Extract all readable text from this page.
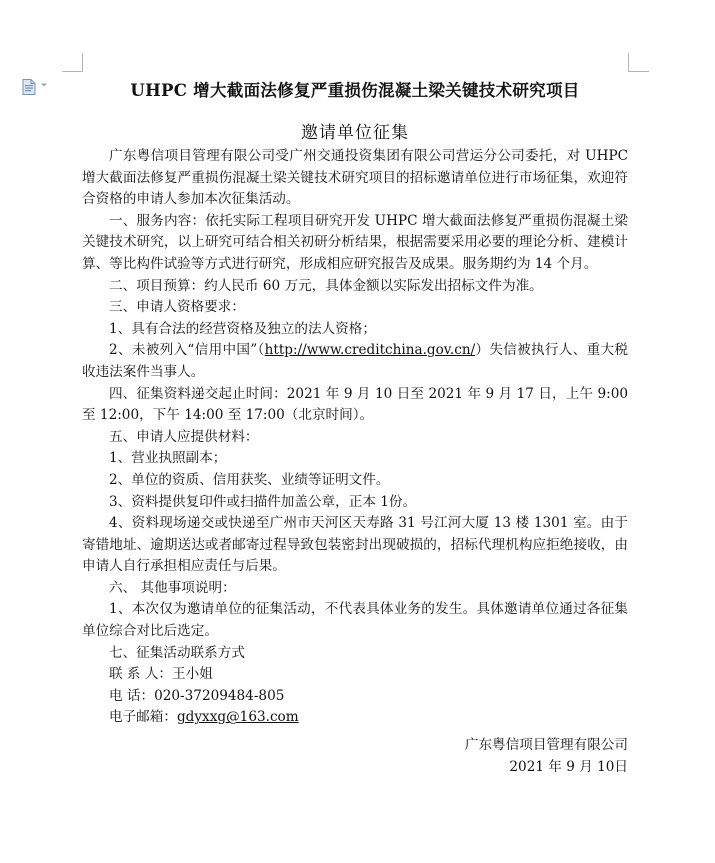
UHPC 增大截面法修复严重损伤混凝土梁关键技术研究项目
邀请单位征集

广东粤信项目管理有限公司受广州交通投资集团有限公司营运分公司委托，对 UHPC 增大截面法修复严重损伤混凝土梁关键技术研究项目的招标邀请单位进行市场征集，欢迎符合资格的申请人参加本次征集活动。

一、服务内容：依托实际工程项目研究开发 UHPC 增大截面法修复严重损伤混凝土梁关键技术研究，以上研究可结合相关初研分析结果，根据需要采用必要的理论分析、建模计算、等比构件试验等方式进行研究，形成相应研究报告及成果。服务期约为 14 个月。

二、项目预算：约人民币 60 万元，具体金额以实际发出招标文件为准。

三、申请人资格要求：

1、具有合法的经营资格及独立的法人资格；

2、未被列入“信用中国”（http://www.creditchina.gov.cn/）失信被执行人、重大税收违法案件当事人。

四、征集资料递交起止时间：2021 年 9 月 10 日至 2021 年 9 月 17 日，上午 9:00 至 12:00，下午 14:00 至 17:00（北京时间）。

五、申请人应提供材料：

1、营业执照副本；

2、单位的资质、信用获奖、业绩等证明文件。

3、资料提供复印件或扫描件加盖公章，正本 1份。

4、资料现场递交或快递至广州市天河区天寿路 31 号江河大厦 13 楼 1301 室。由于寄错地址、逾期送达或者邮寄过程导致包装密封出现破损的，招标代理机构应拒绝接收，由申请人自行承担相应责任与后果。

六、 其他事项说明：

1、本次仅为邀请单位的征集活动，不代表具体业务的发生。具体邀请单位通过各征集单位综合对比后选定。

七、征集活动联系方式

联 系 人：王小姐

电 话：020-37209484-805

电子邮箱：gdyxxg@163.com

广东粤信项目管理有限公司

2021 年 9 月 10日
